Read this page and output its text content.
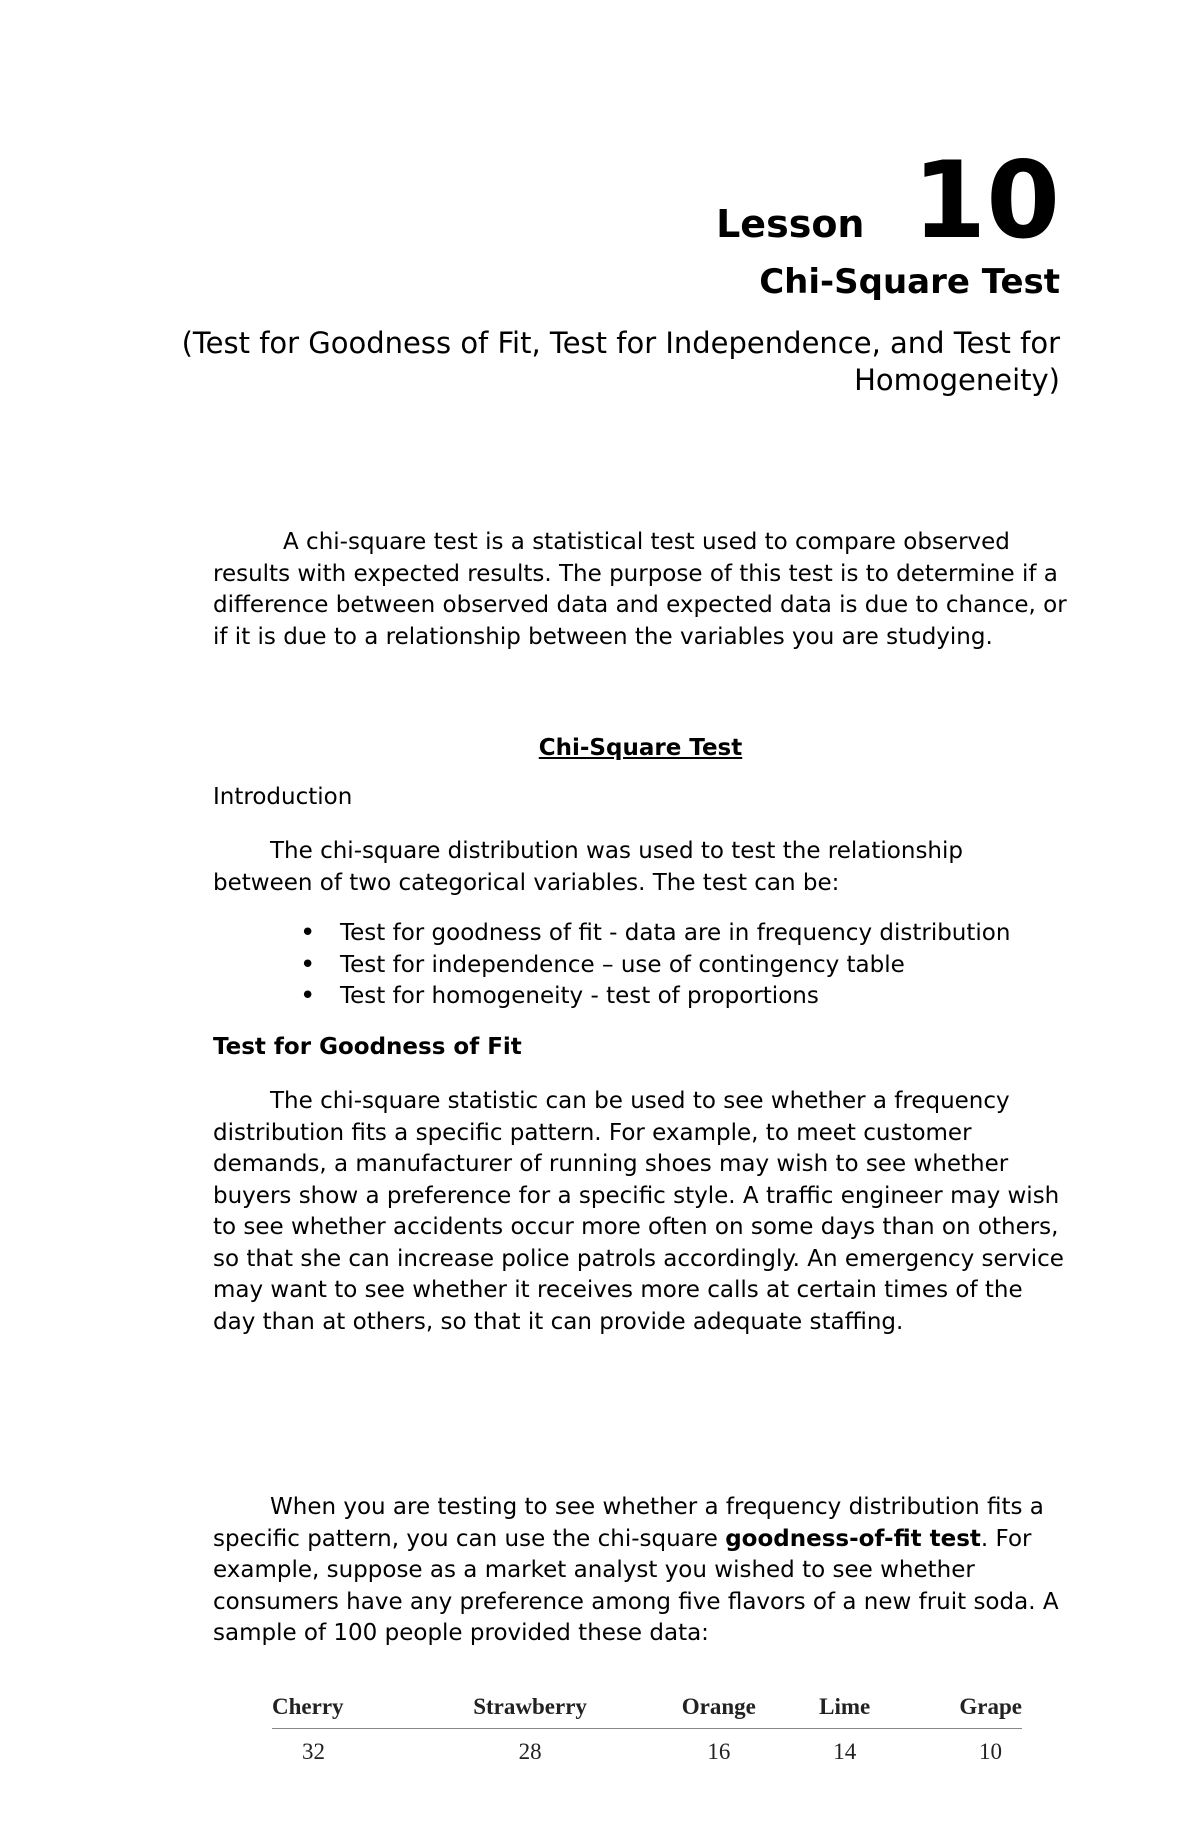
Lesson 10
Chi-Square Test
(Test for Goodness of Fit, Test for Independence, and Test for Homogeneity)

A chi-square test is a statistical test used to compare observed results with expected results. The purpose of this test is to determine if a difference between observed data and expected data is due to chance, or if it is due to a relationship between the variables you are studying.

Chi-Square Test
Introduction

The chi-square distribution was used to test the relationship between of two categorical variables. The test can be:

• Test for goodness of fit - data are in frequency distribution
• Test for independence – use of contingency table
• Test for homogeneity - test of proportions
Test for Goodness of Fit

The chi-square statistic can be used to see whether a frequency distribution fits a specific pattern. For example, to meet customer demands, a manufacturer of running shoes may wish to see whether buyers show a preference for a specific style. A traffic engineer may wish to see whether accidents occur more often on some days than on others, so that she can increase police patrols accordingly. An emergency service may want to see whether it receives more calls at certain times of the day than at others, so that it can provide adequate staffing.

When you are testing to see whether a frequency distribution fits a specific pattern, you can use the chi-square goodness-of-fit test. For example, suppose as a market analyst you wished to see whether consumers have any preference among five flavors of a new fruit soda. A sample of 100 people provided these data:

Cherry	Strawberry	Orange	Lime	Grape
32	28	16	14	10
